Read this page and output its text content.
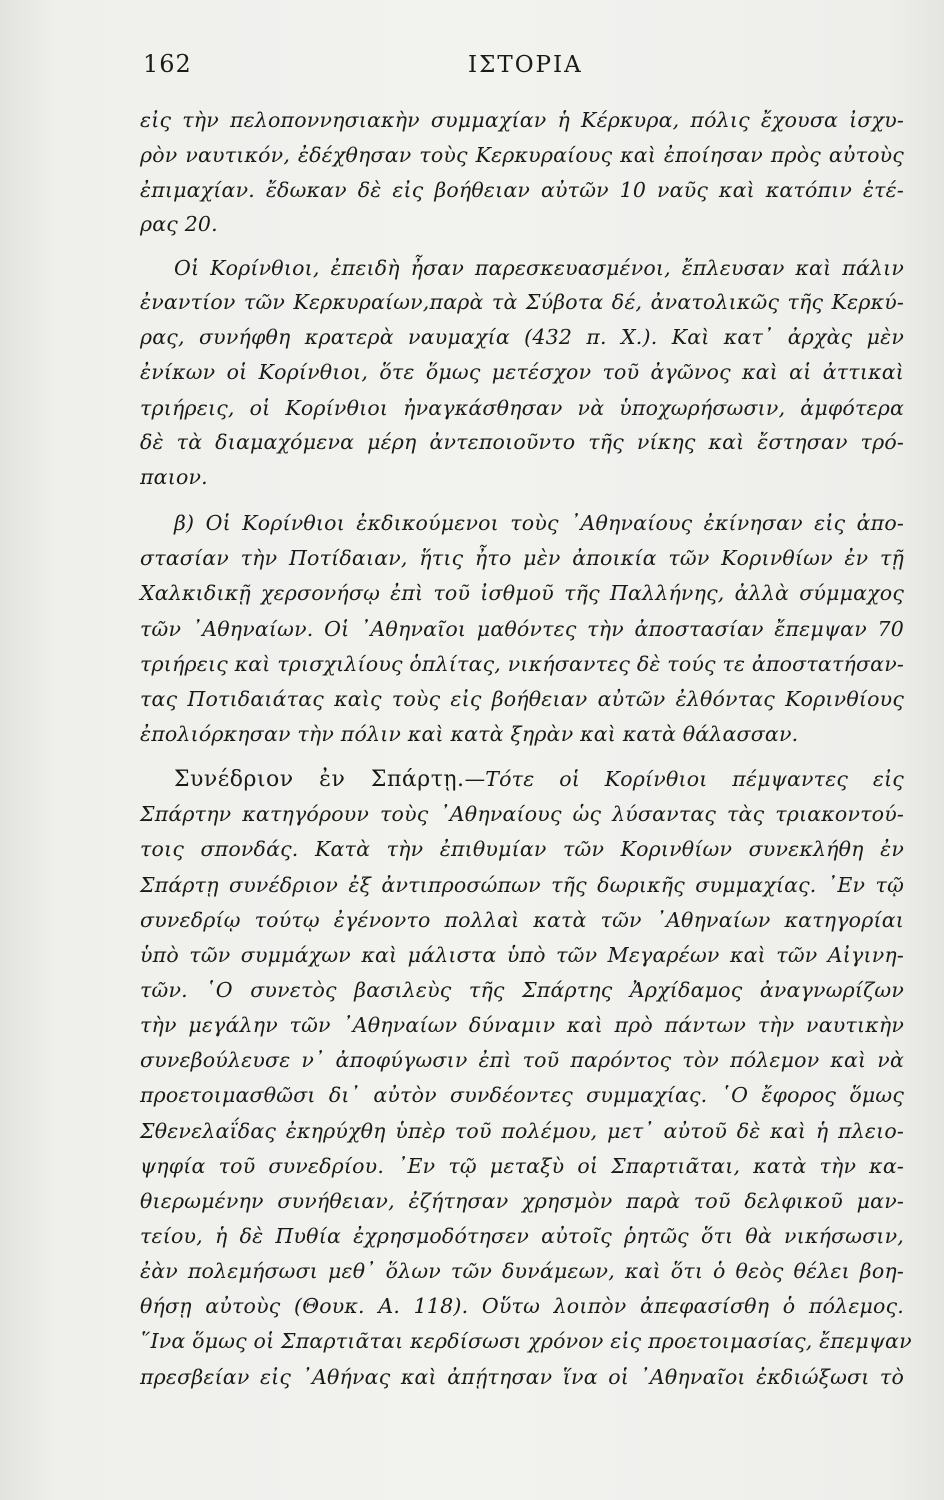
162	ΙΣΤΟΡΙΑ
εἰς τὴν πελοποννησιακὴν συμμαχίαν ἡ Κέρκυρα, πόλις ἔχουσα ἰσχυ-
ρὸν ναυτικόν, ἐδέχθησαν τοὺς Κερκυραίους καὶ ἐποίησαν πρὸς αὐτοὺς
ἐπιμαχίαν. ἔδωκαν δὲ εἰς βοήθειαν αὐτῶν 10 ναῦς καὶ κατόπιν ἑτέ-
ρας 20.
Οἱ Κορίνθιοι, ἐπειδὴ ἦσαν παρεσκευασμένοι, ἔπλευσαν καὶ πάλιν
ἐναντίον τῶν Κερκυραίων,παρὰ τὰ Σύβοτα δέ, ἀνατολικῶς τῆς Κερκύ-
ρας, συνήφθη κρατερὰ ναυμαχία (432 π. Χ.). Καὶ κατ᾿ ἀρχὰς μὲν
ἐνίκων οἱ Κορίνθιοι, ὅτε ὅμως μετέσχον τοῦ ἀγῶνος καὶ αἱ ἀττικαὶ
τριήρεις, οἱ Κορίνθιοι ἠναγκάσθησαν νὰ ὑποχωρήσωσιν, ἀμφότερα
δὲ τὰ διαμαχόμενα μέρη ἀντεποιοῦντο τῆς νίκης καὶ ἔστησαν τρό-
παιον.
β) Οἱ Κορίνθιοι ἐκδικούμενοι τοὺς ᾿Αθηναίους ἐκίνησαν εἰς ἀπο-
στασίαν τὴν Ποτίδαιαν, ἥτις ἦτο μὲν ἀποικία τῶν Κορινθίων ἐν τῇ
Χαλκιδικῇ χερσονήσῳ ἐπὶ τοῦ ἰσθμοῦ τῆς Παλλήνης, ἀλλὰ σύμμαχος
τῶν ᾿Αθηναίων. Οἱ ᾿Αθηναῖοι μαθόντες τὴν ἀποστασίαν ἔπεμψαν 70
τριήρεις καὶ τρισχιλίους ὁπλίτας, νικήσαντες δὲ τούς τε ἀποστατήσαν-
τας Ποτιδαιάτας καὶς τοὺς εἰς βοήθειαν αὐτῶν ἐλθόντας Κορινθίους
ἐπολιόρκησαν τὴν πόλιν καὶ κατὰ ξηρὰν καὶ κατὰ θάλασσαν.
Συνέδριον ἐν Σπάρτῃ.—Τότε οἱ Κορίνθιοι πέμψαντες εἰς
Σπάρτην κατηγόρουν τοὺς ᾿Αθηναίους ὡς λύσαντας τὰς τριακοντού-
τοις σπονδάς. Κατὰ τὴν ἐπιθυμίαν τῶν Κορινθίων συνεκλήθη ἐν
Σπάρτῃ συνέδριον ἐξ ἀντιπροσώπων τῆς δωρικῆς συμμαχίας. ᾿Εν τῷ
συνεδρίῳ τούτῳ ἐγένοντο πολλαὶ κατὰ τῶν ᾿Αθηναίων κατηγορίαι
ὑπὸ τῶν συμμάχων καὶ μάλιστα ὑπὸ τῶν Μεγαρέων καὶ τῶν Αἰγινη-
τῶν. ῾Ο συνετὸς βασιλεὺς τῆς Σπάρτης Ἀρχίδαμος ἀναγνωρίζων
τὴν μεγάλην τῶν ᾿Αθηναίων δύναμιν καὶ πρὸ πάντων τὴν ναυτικὴν
συνεβούλευσε ν᾿ ἀποφύγωσιν ἐπὶ τοῦ παρόντος τὸν πόλεμον καὶ νὰ
προετοιμασθῶσι δι᾿ αὐτὸν συνδέοντες συμμαχίας. ῾Ο ἔφορος ὅμως
Σθενελαΐδας ἐκηρύχθη ὑπὲρ τοῦ πολέμου, μετ᾿ αὐτοῦ δὲ καὶ ἡ πλειο-
ψηφία τοῦ συνεδρίου. ᾿Εν τῷ μεταξὺ οἱ Σπαρτιᾶται, κατὰ τὴν κα-
θιερωμένην συνήθειαν, ἐζήτησαν χρησμὸν παρὰ τοῦ δελφικοῦ μαν-
τείου, ἡ δὲ Πυθία ἐχρησμοδότησεν αὐτοῖς ῥητῶς ὅτι θὰ νικήσωσιν,
ἐὰν πολεμήσωσι μεθ᾿ ὅλων τῶν δυνάμεων, καὶ ὅτι ὁ θεὸς θέλει βοη-
θήσῃ αὐτοὺς (Θουκ. Α. 118). Οὕτω λοιπὸν ἀπεφασίσθη ὁ πόλεμος.
῞Ινα ὅμως οἱ Σπαρτιᾶται κερδίσωσι χρόνον εἰς προετοιμασίας, ἔπεμψαν
πρεσβείαν εἰς ᾿Αθήνας καὶ ἀπῄτησαν ἵνα οἱ ᾿Αθηναῖοι ἐκδιώξωσι τὸ
